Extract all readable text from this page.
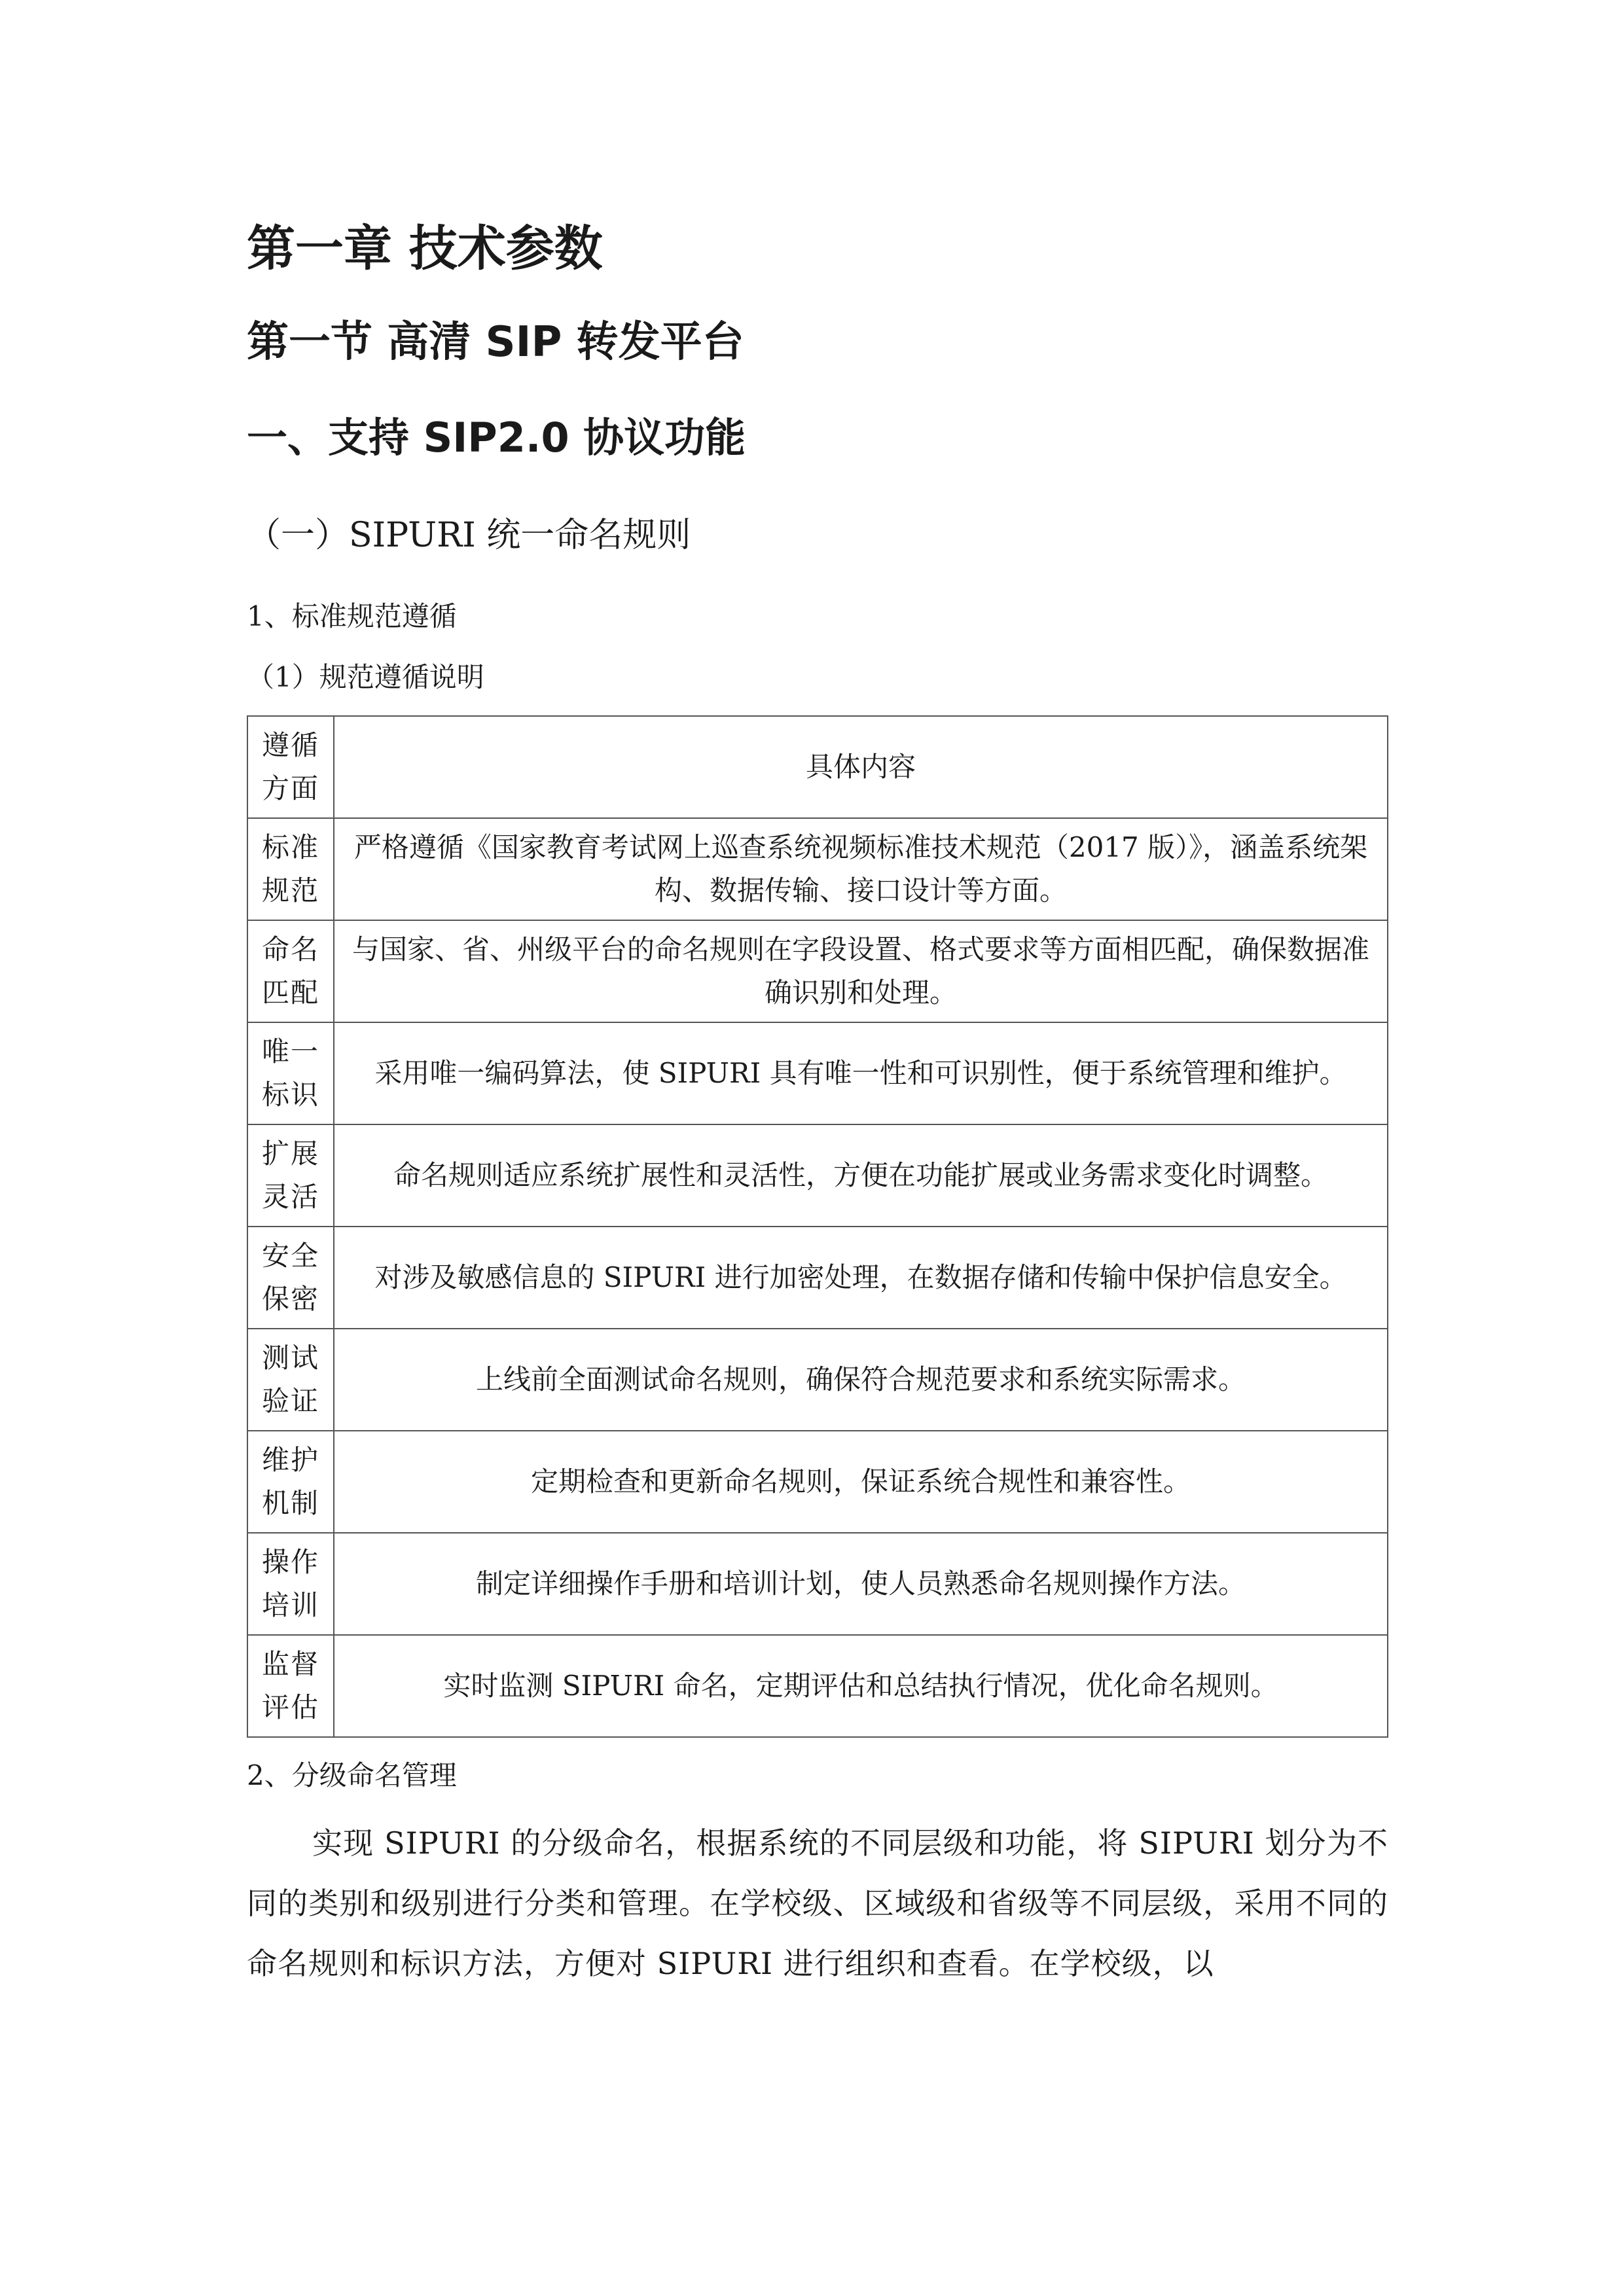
第一章 技术参数
第一节 高清 SIP 转发平台
一、支持 SIP2.0 协议功能
（一）SIPURI 统一命名规则
1、标准规范遵循
（1）规范遵循说明
遵循方面	具体内容
标准规范	严格遵循《国家教育考试网上巡查系统视频标准技术规范（2017 版）》，涵盖系统架构、数据传输、接口设计等方面。
命名匹配	与国家、省、州级平台的命名规则在字段设置、格式要求等方面相匹配，确保数据准确识别和处理。
唯一标识	采用唯一编码算法，使 SIPURI 具有唯一性和可识别性，便于系统管理和维护。
扩展灵活	命名规则适应系统扩展性和灵活性，方便在功能扩展或业务需求变化时调整。
安全保密	对涉及敏感信息的 SIPURI 进行加密处理，在数据存储和传输中保护信息安全。
测试验证	上线前全面测试命名规则，确保符合规范要求和系统实际需求。
维护机制	定期检查和更新命名规则，保证系统合规性和兼容性。
操作培训	制定详细操作手册和培训计划，使人员熟悉命名规则操作方法。
监督评估	实时监测 SIPURI 命名，定期评估和总结执行情况，优化命名规则。
2、分级命名管理
实现 SIPURI 的分级命名，根据系统的不同层级和功能，将 SIPURI 划分为不同的类别和级别进行分类和管理。在学校级、区域级和省级等不同层级，采用不同的命名规则和标识方法，方便对 SIPURI 进行组织和查看。在学校级，以
